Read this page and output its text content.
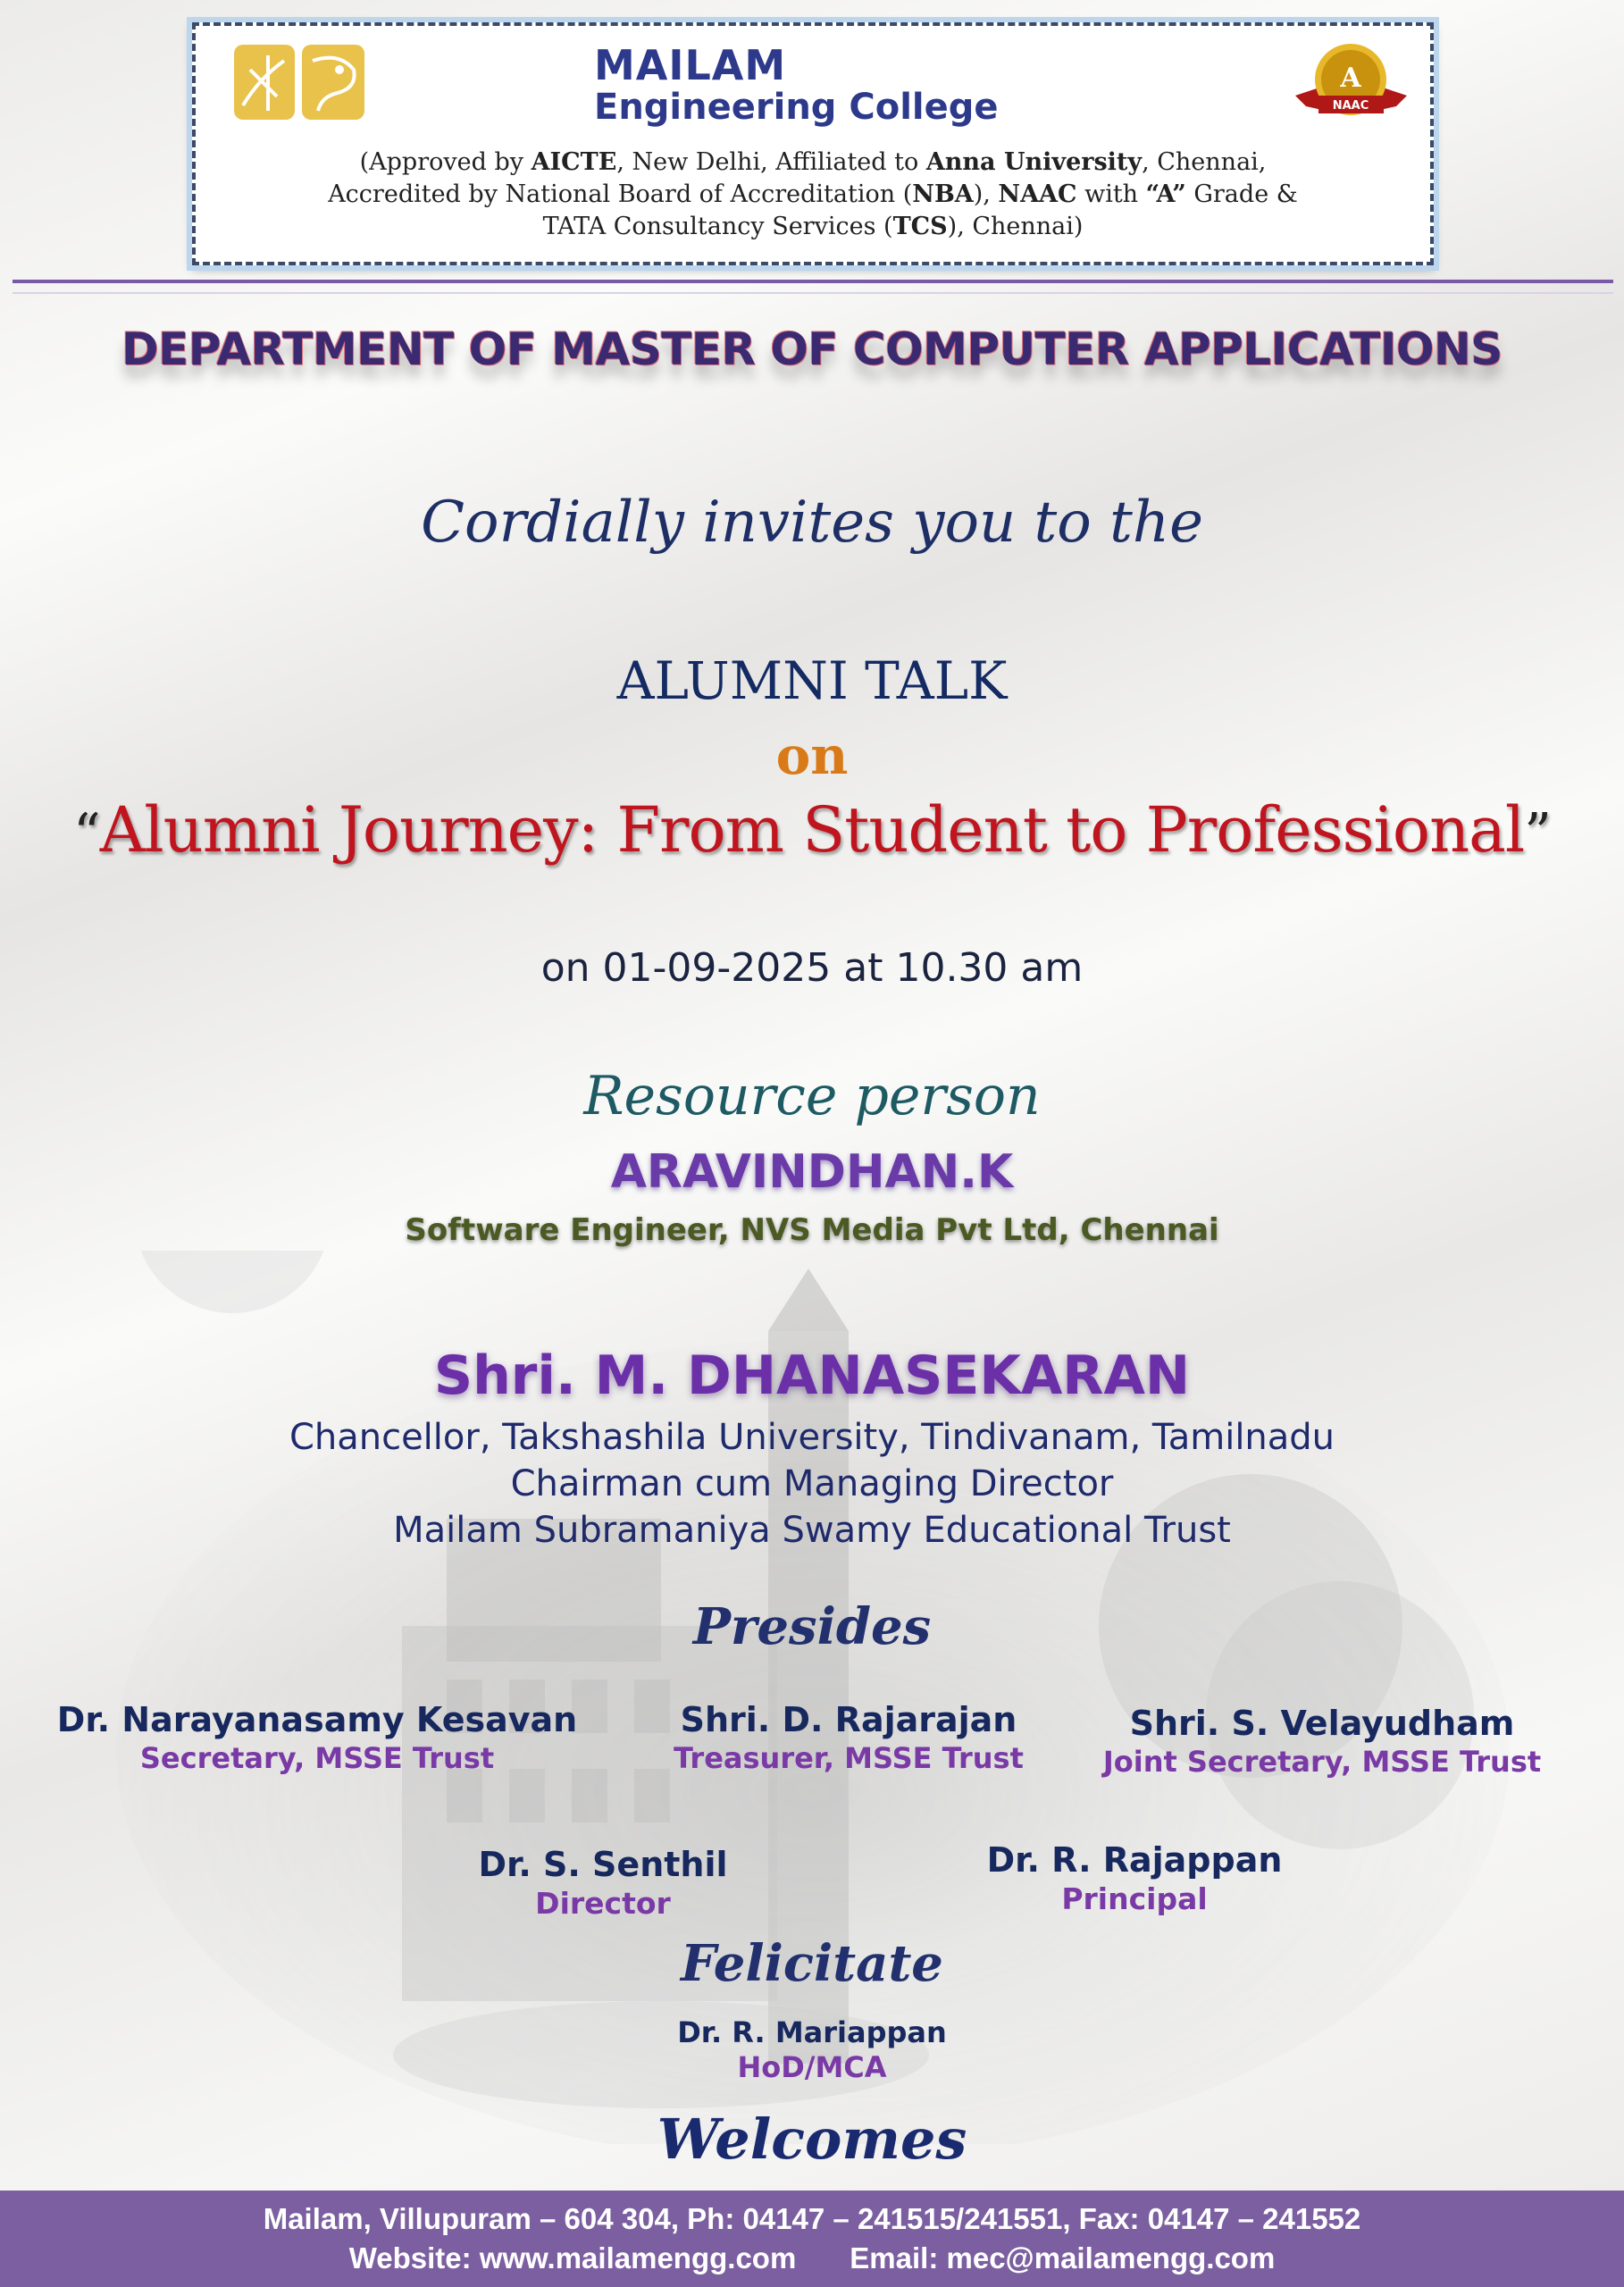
MAILAM
Engineering College
A
NAAC
(Approved by AICTE, New Delhi, Affiliated to Anna University, Chennai,
Accredited by National Board of Accreditation (NBA), NAAC with “A” Grade &
TATA Consultancy Services (TCS), Chennai)
DEPARTMENT OF MASTER OF COMPUTER APPLICATIONS
Cordially invites you to the
ALUMNI TALK
on
“Alumni Journey: From Student to Professional”
on 01-09-2025 at 10.30 am
Resource person
ARAVINDHAN.K
Software Engineer, NVS Media Pvt Ltd, Chennai
Shri. M. DHANASEKARAN
Chancellor, Takshashila University, Tindivanam, Tamilnadu
Chairman cum Managing Director
Mailam Subramaniya Swamy Educational Trust
Presides
Dr. Narayanasamy Kesavan
Secretary, MSSE Trust
Shri. D. Rajarajan
Treasurer, MSSE Trust
Shri. S. Velayudham
Joint Secretary, MSSE Trust
Dr. S. Senthil
Director
Dr. R. Rajappan
Principal
Felicitate
Dr. R. Mariappan
HoD/MCA
Welcomes
Mailam, Villupuram – 604 304, Ph: 04147 – 241515/241551, Fax: 04147 – 241552
Website: www.mailamengg.com Email: mec@mailamengg.com
